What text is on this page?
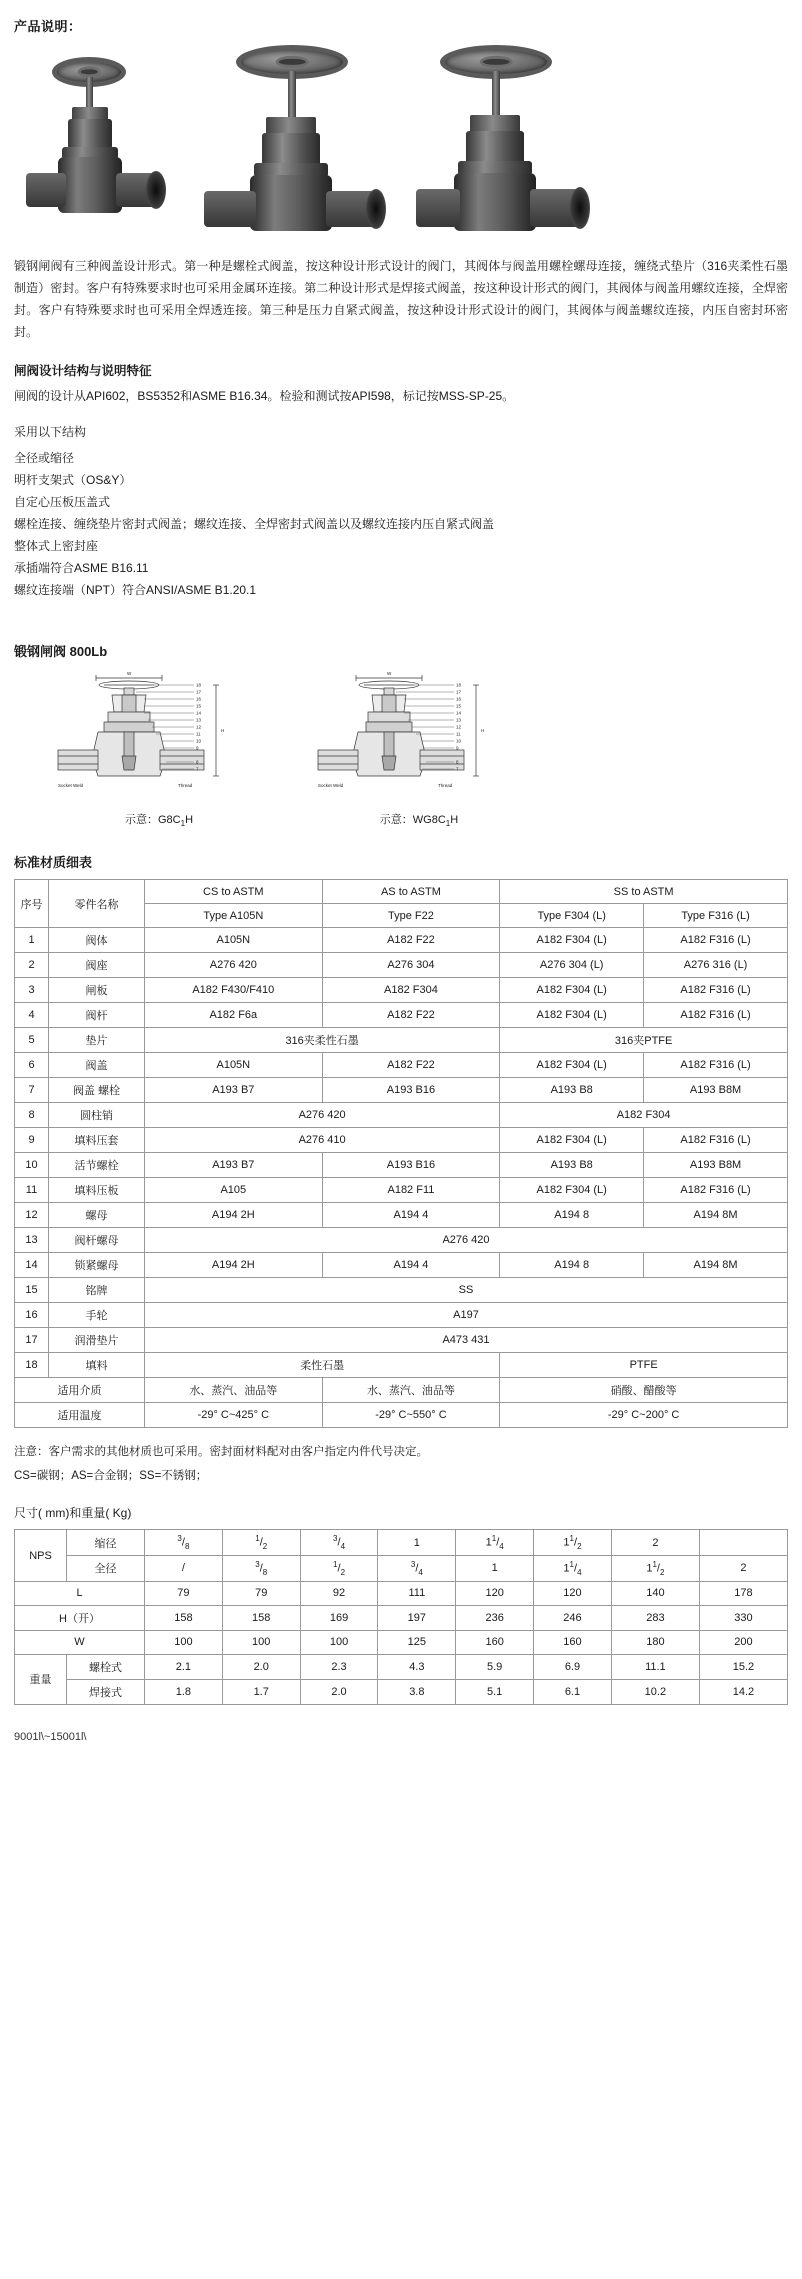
产品说明：

锻钢闸阀有三种阀盖设计形式。第一种是螺栓式阀盖，按这种设计形式设计的阀门，其阀体与阀盖用螺栓螺母连接，缠绕式垫片（316夹柔性石墨制造）密封。客户有特殊要求时也可采用金属环连接。第二种设计形式是焊接式阀盖，按这种设计形式的阀门，其阀体与阀盖用螺纹连接，全焊密封。客户有特殊要求时也可采用全焊透连接。第三种是压力自紧式阀盖，按这种设计形式设计的阀门，其阀体与阀盖螺纹连接，内压自密封环密封。

闸阀设计结构与说明特征

闸阀的设计从API602，BS5352和ASME B16.34。检验和测试按API598，标记按MSS-SP-25。

采用以下结构
全径或缩径
明杆支架式（OS&Y）
自定心压板压盖式
螺栓连接、缠绕垫片密封式阀盖；螺纹连接、全焊密封式阀盖以及螺纹连接内压自紧式阀盖
整体式上密封座
承插端符合ASME B16.11
螺纹连接端（NPT）符合ANSI/ASME B1.20.1
锻钢闸阀 800Lb
W
H
18
17
16
15
14
13
12
11
10
9
8
7
Socket Weld	Thread
示意：$G8C_1H$
W
H
18
17
16
15
14
13
12
11
10
9
8
7
Socket Weld	Thread
示意：$WG8C_1H$
标准材质细表
序号	零件名称	CS to ASTM	AS to ASTM	SS to ASTM	
		Type A105N	Type F22	Type F304 (L)	Type F316 (L)
1	阀体	A105N	A182 F22	A182 F304 (L)	A182 F316 (L)
2	阀座	A276 420	A276 304	A276 304 (L)	A276 316 (L)
3	闸板	A182 F430/F410	A182 F304	A182 F304 (L)	A182 F316 (L)
4	阀杆	A182 F6a	A182 F22	A182 F304 (L)	A182 F316 (L)
5	垫片	316夹柔性石墨		316夹PTFE	
6	阀盖	A105N	A182 F22	A182 F304 (L)	A182 F316 (L)
7	阀盖 螺栓	A193 B7	A193 B16	A193 B8	A193 B8M
8	圆柱销	A276 420		A182 F304	
9	填料压套	A276 410		A182 F304 (L)	A182 F316 (L)
10	活节螺栓	A193 B7	A193 B16	A193 B8	A193 B8M
11	填料压板	A105	A182 F11	A182 F304 (L)	A182 F316 (L)
12	螺母	A194 2H	A194 4	A194 8	A194 8M
13	阀杆螺母	A276 420			
14	锁紧螺母	A194 2H	A194 4	A194 8	A194 8M
15	铭牌	SS			
16	手轮	A197			
17	润滑垫片	A473 431			
18	填料	柔性石墨		PTFE	
适用介质		水、蒸汽、油品等	水、蒸汽、油品等	硝酸、醋酸等	
适用温度		-29° C~425° C	-29° C~550° C	-29° C~200° C	
注意：客户需求的其他材质也可采用。密封面材料配对由客户指定内件代号决定。
CS=碳钢；AS=合金钢；SS=不锈钢；
尺寸( mm)和重量( Kg)
NPS	缩径	$^3/_8$	$^1/_2$	$^3/_4$	1	$1^1/_4$	$1^1/_2$	2	
	全径	/	$^3/_8$	$^1/_2$	$^3/_4$	1	$1^1/_4$	$1^1/_2$	2
L		79	79	92	111	120	120	140	178
H（开）		158	158	169	197	236	246	283	330
W		100	100	100	125	160	160	180	200
重量	螺栓式	2.1	2.0	2.3	4.3	5.9	6.9	11.1	15.2
	焊接式	1.8	1.7	2.0	3.8	5.1	6.1	10.2	14.2
9001l\~15001l\
